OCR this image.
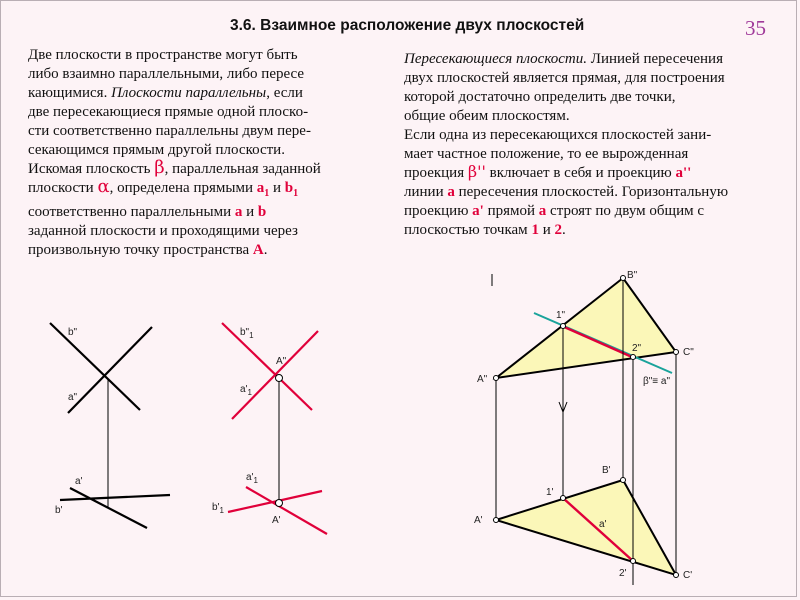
3.6. Взаимное расположение двух плоскостей	35
Две плоскости в пространстве могут быть
либо взаимно параллельными, либо пересе
кающимися. Плоскости параллельны, если
две пересекающиеся прямые одной плоско-
сти соответственно параллельны двум пере-
секающимся прямым другой плоскости.
Искомая плоскость β, параллельная заданной
плоскости α, определена прямыми $a_1$ и $b_1$
соответственно параллельными a и b
заданной плоскости и проходящими через
произвольную точку пространства A.
Пересекающиеся плоскости. Линией пересечения
двух плоскостей является прямая, для построения
которой достаточно определить две точки,
общие обеим плоскостям.
Если одна из пересекающихся плоскостей зани-
мает частное положение, то ее вырожденная
проекция β'' включает в себя и проекцию a''
линии a пересечения плоскостей. Горизонтальную
проекцию a' прямой a строят по двум общим с
плоскостью точкам 1 и 2.
b"
a"
a'
b'
$b"_1$
A"
$a'_1$
$a'_1$
$b'_1$
A'
B"
1"
2"	C"
A"	β"≡ a"
B'
1'
A'	a'
2'	C'
